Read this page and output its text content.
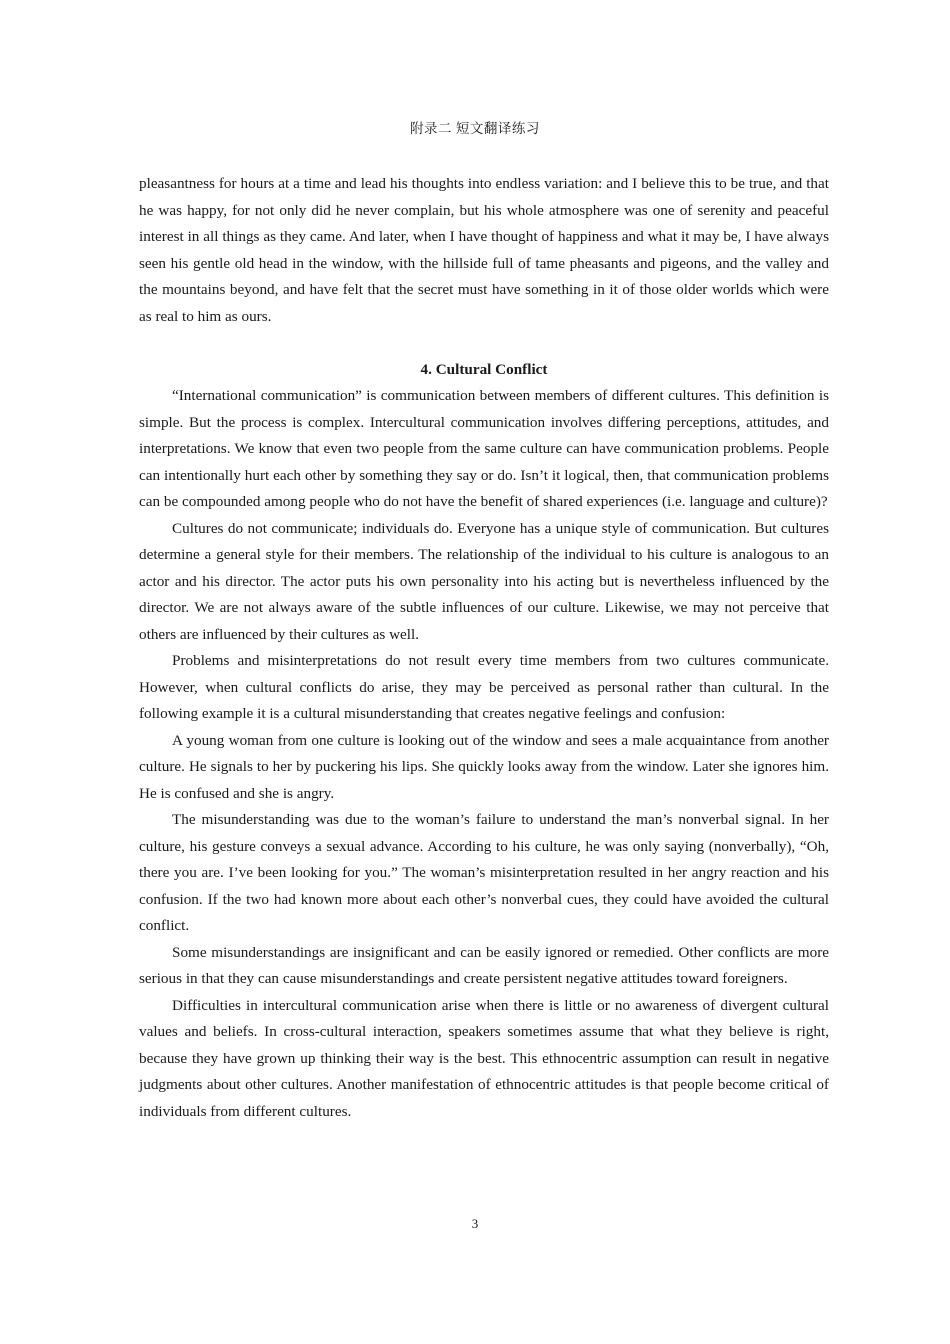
附录二 短文翻译练习

pleasantness for hours at a time and lead his thoughts into endless variation: and I believe this to be true, and that he was happy, for not only did he never complain, but his whole atmosphere was one of serenity and peaceful interest in all things as they came. And later, when I have thought of happiness and what it may be, I have always seen his gentle old head in the window, with the hillside full of tame pheasants and pigeons, and the valley and the mountains beyond, and have felt that the secret must have something in it of those older worlds which were as real to him as ours.

4. Cultural Conflict

“International communication” is communication between members of different cultures. This definition is simple. But the process is complex. Intercultural communication involves differing perceptions, attitudes, and interpretations. We know that even two people from the same culture can have communication problems. People can intentionally hurt each other by something they say or do. Isn’t it logical, then, that communication problems can be compounded among people who do not have the benefit of shared experiences (i.e. language and culture)?

Cultures do not communicate; individuals do. Everyone has a unique style of communication. But cultures determine a general style for their members. The relationship of the individual to his culture is analogous to an actor and his director. The actor puts his own personality into his acting but is nevertheless influenced by the director. We are not always aware of the subtle influences of our culture. Likewise, we may not perceive that others are influenced by their cultures as well.

Problems and misinterpretations do not result every time members from two cultures communicate. However, when cultural conflicts do arise, they may be perceived as personal rather than cultural. In the following example it is a cultural misunderstanding that creates negative feelings and confusion:

A young woman from one culture is looking out of the window and sees a male acquaintance from another culture. He signals to her by puckering his lips. She quickly looks away from the window. Later she ignores him. He is confused and she is angry.

The misunderstanding was due to the woman’s failure to understand the man’s nonverbal signal. In her culture, his gesture conveys a sexual advance. According to his culture, he was only saying (nonverbally), “Oh, there you are. I’ve been looking for you.” The woman’s misinterpretation resulted in her angry reaction and his confusion. If the two had known more about each other’s nonverbal cues, they could have avoided the cultural conflict.

Some misunderstandings are insignificant and can be easily ignored or remedied. Other conflicts are more serious in that they can cause misunderstandings and create persistent negative attitudes toward foreigners.

Difficulties in intercultural communication arise when there is little or no awareness of divergent cultural values and beliefs. In cross-cultural interaction, speakers sometimes assume that what they believe is right, because they have grown up thinking their way is the best. This ethnocentric assumption can result in negative judgments about other cultures. Another manifestation of ethnocentric attitudes is that people become critical of individuals from different cultures.

3
